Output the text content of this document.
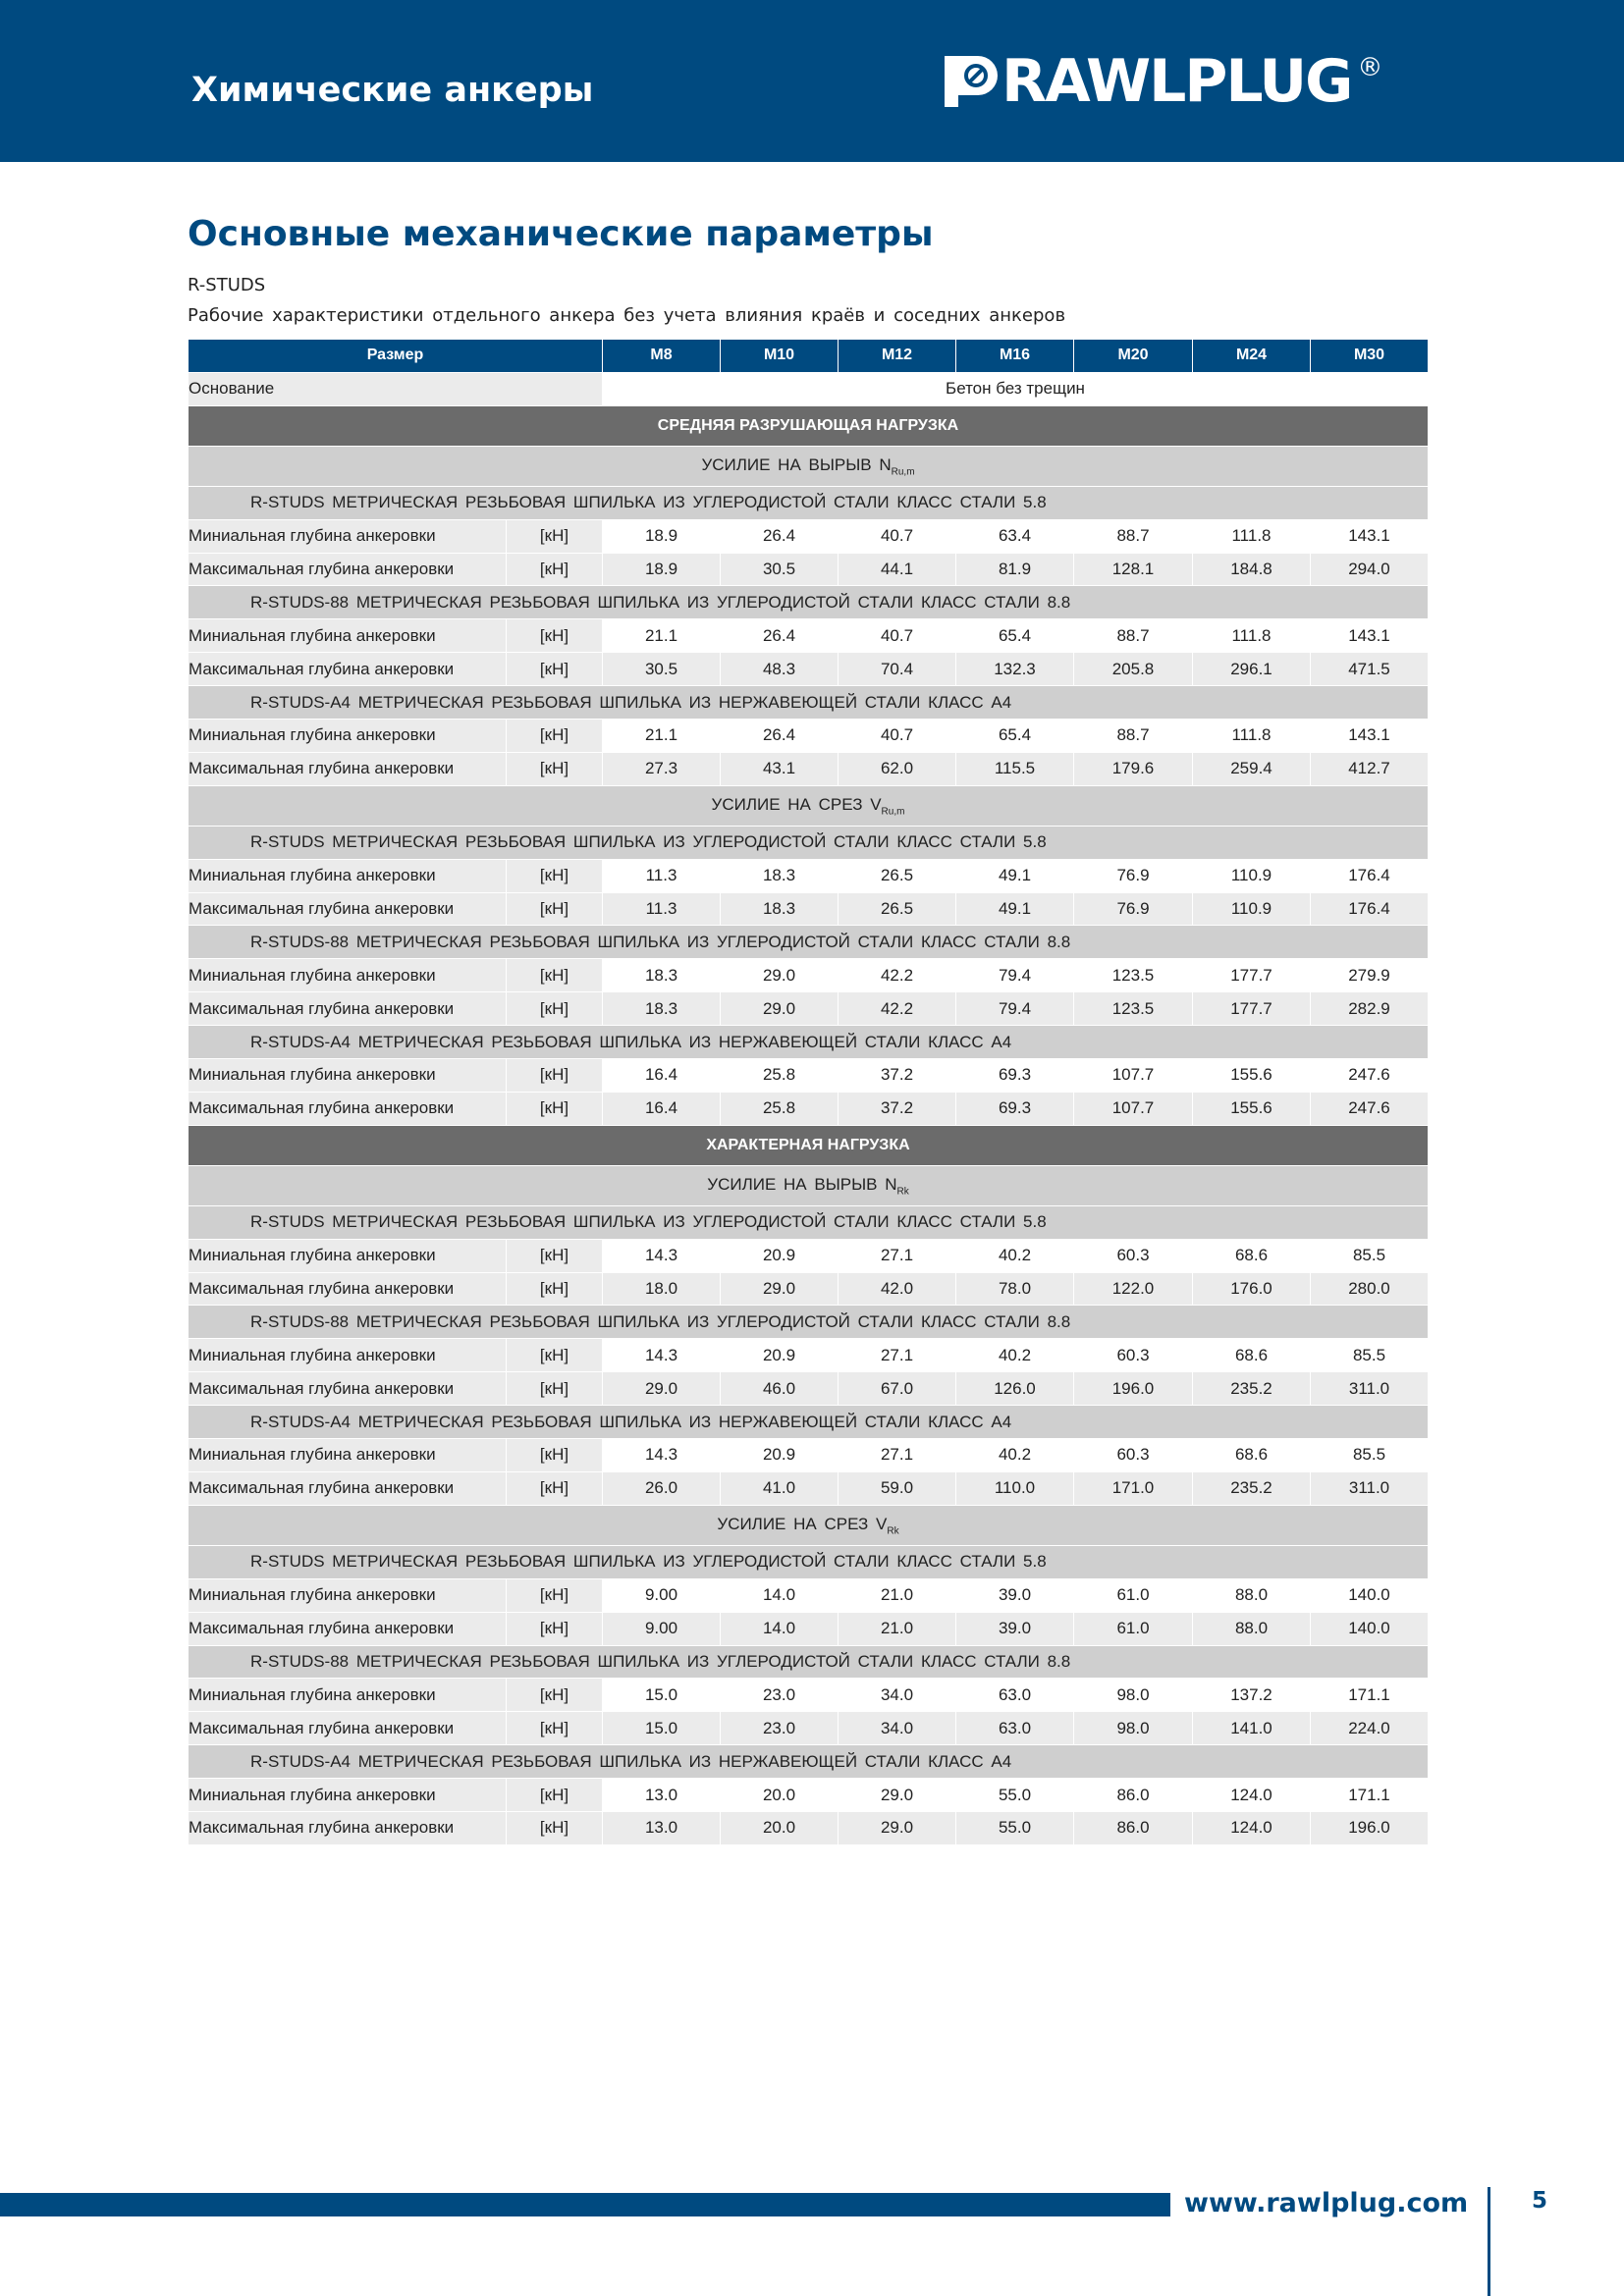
Химические анкеры	RAWLPLUG ®
Основные механические параметры
R-STUDS
Рабочие характеристики отдельного анкера без учета влияния краёв и соседних анкеров
Размер		M8	M10	M12	M16	M20	M24	M30
Основание		Бетон без трещин						
СРЕДНЯЯ РАЗРУШАЮЩАЯ НАГРУЗКА								
УСИЛИЕ НА ВЫРЫВ $N_{Ru,m}$
R-STUDS МЕТРИЧЕСКАЯ РЕЗЬБОВАЯ ШПИЛЬКА ИЗ УГЛЕРОДИСТОЙ СТАЛИ КЛАСС СТАЛИ 5.8								
Миниальная глубина анкеровки	[кН]	18.9	26.4	40.7	63.4	88.7	111.8	143.1
Максимальная глубина анкеровки	[кН]	18.9	30.5	44.1	81.9	128.1	184.8	294.0
R-STUDS-88 МЕТРИЧЕСКАЯ РЕЗЬБОВАЯ ШПИЛЬКА ИЗ УГЛЕРОДИСТОЙ СТАЛИ КЛАСС СТАЛИ 8.8								
Миниальная глубина анкеровки	[кН]	21.1	26.4	40.7	65.4	88.7	111.8	143.1
Максимальная глубина анкеровки	[кН]	30.5	48.3	70.4	132.3	205.8	296.1	471.5
R-STUDS-A4 МЕТРИЧЕСКАЯ РЕЗЬБОВАЯ ШПИЛЬКА ИЗ НЕРЖАВЕЮЩЕЙ СТАЛИ КЛАСС А4								
Миниальная глубина анкеровки	[кН]	21.1	26.4	40.7	65.4	88.7	111.8	143.1
Максимальная глубина анкеровки	[кН]	27.3	43.1	62.0	115.5	179.6	259.4	412.7
УСИЛИЕ НА СРЕЗ $V_{Ru,m}$
R-STUDS МЕТРИЧЕСКАЯ РЕЗЬБОВАЯ ШПИЛЬКА ИЗ УГЛЕРОДИСТОЙ СТАЛИ КЛАСС СТАЛИ 5.8								
Миниальная глубина анкеровки	[кН]	11.3	18.3	26.5	49.1	76.9	110.9	176.4
Максимальная глубина анкеровки	[кН]	11.3	18.3	26.5	49.1	76.9	110.9	176.4
R-STUDS-88 МЕТРИЧЕСКАЯ РЕЗЬБОВАЯ ШПИЛЬКА ИЗ УГЛЕРОДИСТОЙ СТАЛИ КЛАСС СТАЛИ 8.8								
Миниальная глубина анкеровки	[кН]	18.3	29.0	42.2	79.4	123.5	177.7	279.9
Максимальная глубина анкеровки	[кН]	18.3	29.0	42.2	79.4	123.5	177.7	282.9
R-STUDS-A4 МЕТРИЧЕСКАЯ РЕЗЬБОВАЯ ШПИЛЬКА ИЗ НЕРЖАВЕЮЩЕЙ СТАЛИ КЛАСС А4								
Миниальная глубина анкеровки	[кН]	16.4	25.8	37.2	69.3	107.7	155.6	247.6
Максимальная глубина анкеровки	[кН]	16.4	25.8	37.2	69.3	107.7	155.6	247.6
ХАРАКТЕРНАЯ НАГРУЗКА								
УСИЛИЕ НА ВЫРЫВ $N_{Rk}$
R-STUDS МЕТРИЧЕСКАЯ РЕЗЬБОВАЯ ШПИЛЬКА ИЗ УГЛЕРОДИСТОЙ СТАЛИ КЛАСС СТАЛИ 5.8								
Миниальная глубина анкеровки	[кН]	14.3	20.9	27.1	40.2	60.3	68.6	85.5
Максимальная глубина анкеровки	[кН]	18.0	29.0	42.0	78.0	122.0	176.0	280.0
R-STUDS-88 МЕТРИЧЕСКАЯ РЕЗЬБОВАЯ ШПИЛЬКА ИЗ УГЛЕРОДИСТОЙ СТАЛИ КЛАСС СТАЛИ 8.8								
Миниальная глубина анкеровки	[кН]	14.3	20.9	27.1	40.2	60.3	68.6	85.5
Максимальная глубина анкеровки	[кН]	29.0	46.0	67.0	126.0	196.0	235.2	311.0
R-STUDS-A4 МЕТРИЧЕСКАЯ РЕЗЬБОВАЯ ШПИЛЬКА ИЗ НЕРЖАВЕЮЩЕЙ СТАЛИ КЛАСС А4								
Миниальная глубина анкеровки	[кН]	14.3	20.9	27.1	40.2	60.3	68.6	85.5
Максимальная глубина анкеровки	[кН]	26.0	41.0	59.0	110.0	171.0	235.2	311.0
УСИЛИЕ НА СРЕЗ $V_{Rk}$
R-STUDS МЕТРИЧЕСКАЯ РЕЗЬБОВАЯ ШПИЛЬКА ИЗ УГЛЕРОДИСТОЙ СТАЛИ КЛАСС СТАЛИ 5.8								
Миниальная глубина анкеровки	[кН]	9.00	14.0	21.0	39.0	61.0	88.0	140.0
Максимальная глубина анкеровки	[кН]	9.00	14.0	21.0	39.0	61.0	88.0	140.0
R-STUDS-88 МЕТРИЧЕСКАЯ РЕЗЬБОВАЯ ШПИЛЬКА ИЗ УГЛЕРОДИСТОЙ СТАЛИ КЛАСС СТАЛИ 8.8								
Миниальная глубина анкеровки	[кН]	15.0	23.0	34.0	63.0	98.0	137.2	171.1
Максимальная глубина анкеровки	[кН]	15.0	23.0	34.0	63.0	98.0	141.0	224.0
R-STUDS-A4 МЕТРИЧЕСКАЯ РЕЗЬБОВАЯ ШПИЛЬКА ИЗ НЕРЖАВЕЮЩЕЙ СТАЛИ КЛАСС А4								
Миниальная глубина анкеровки	[кН]	13.0	20.0	29.0	55.0	86.0	124.0	171.1
Максимальная глубина анкеровки	[кН]	13.0	20.0	29.0	55.0	86.0	124.0	196.0
www.rawlplug.com	5
